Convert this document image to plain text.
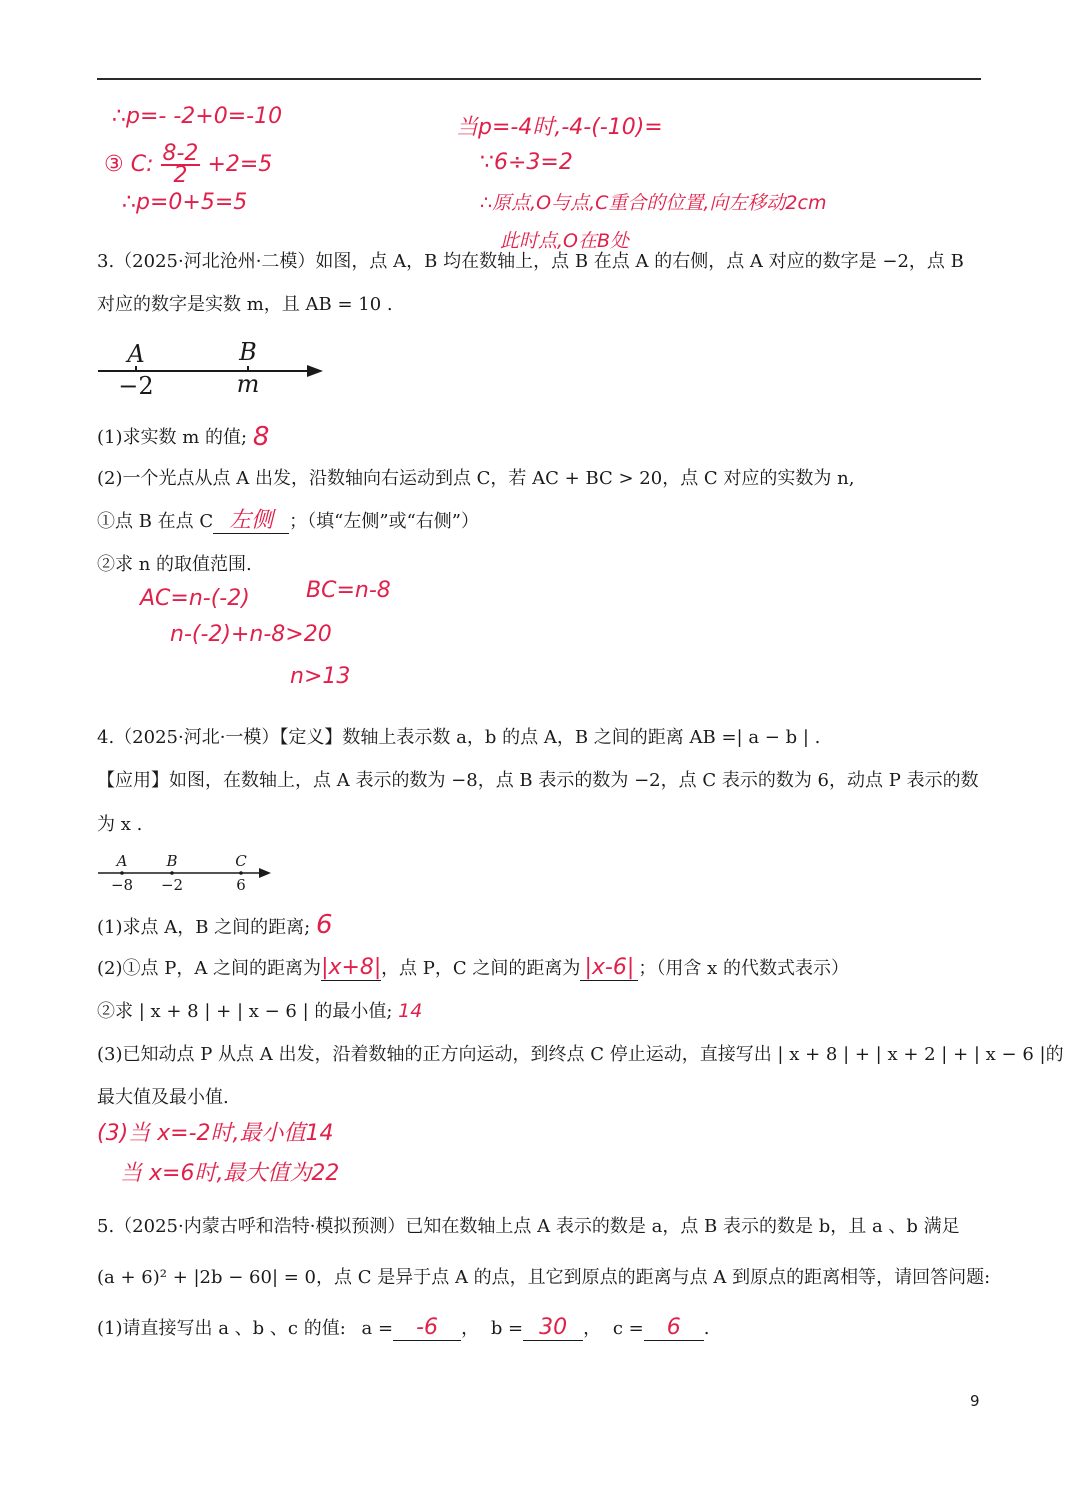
∴p=- -2+0=-10
③ C: $\frac{8-2}{2} +2=5$
∴p=0+5=5
当p=-4时,-4-(-10)=
∵6÷3=2
∴原点,O与点,C重合的位置,向左移动2cm
此时点,O在B处
3.（2025·河北沧州·二模）如图，点 A，B 均在数轴上，点 B 在点 A 的右侧，点 A 对应的数字是 −2，点 B
对应的数字是实数 m，且 AB = 10 .
A	B
−2	m
(1)求实数 m 的值; 8
(2)一个光点从点 A 出发，沿数轴向右运动到点 C，若 AC + BC > 20，点 C 对应的实数为 n,
①点 B 在点 C 左侧 ；（填“左侧”或“右侧”）
②求 n 的取值范围.
AC=n-(-2)	BC=n-8
n-(-2)+n-8>20
n>13
4.（2025·河北·一模）【定义】数轴上表示数 a，b 的点 A，B 之间的距离 AB =| a − b | .
【应用】如图，在数轴上，点 A 表示的数为 −8，点 B 表示的数为 −2，点 C 表示的数为 6，动点 P 表示的数
为 x .
A	B	C
−8 −2	6
(1)求点 A，B 之间的距离; 6
(2)①点 P，A 之间的距离为|x+8|，点 P，C 之间的距离为 |x-6| ；（用含 x 的代数式表示）
②求 | x + 8 | + | x − 6 | 的最小值; 14
(3)已知动点 P 从点 A 出发，沿着数轴的正方向运动，到终点 C 停止运动，直接写出 | x + 8 | + | x + 2 | + | x − 6 |的
最大值及最小值.
(3)当 x=-2时,最小值14
当 x=6时,最大值为22
5.（2025·内蒙古呼和浩特·模拟预测）已知在数轴上点 A 表示的数是 a，点 B 表示的数是 b，且 a 、b 满足
(a + 6)² + |2b − 60| = 0，点 C 是异于点 A 的点，且它到原点的距离与点 A 到原点的距离相等，请回答问题:
(1)请直接写出 a 、b 、c 的值: a = -6 ， b = 30 ， c = 6 .
9
